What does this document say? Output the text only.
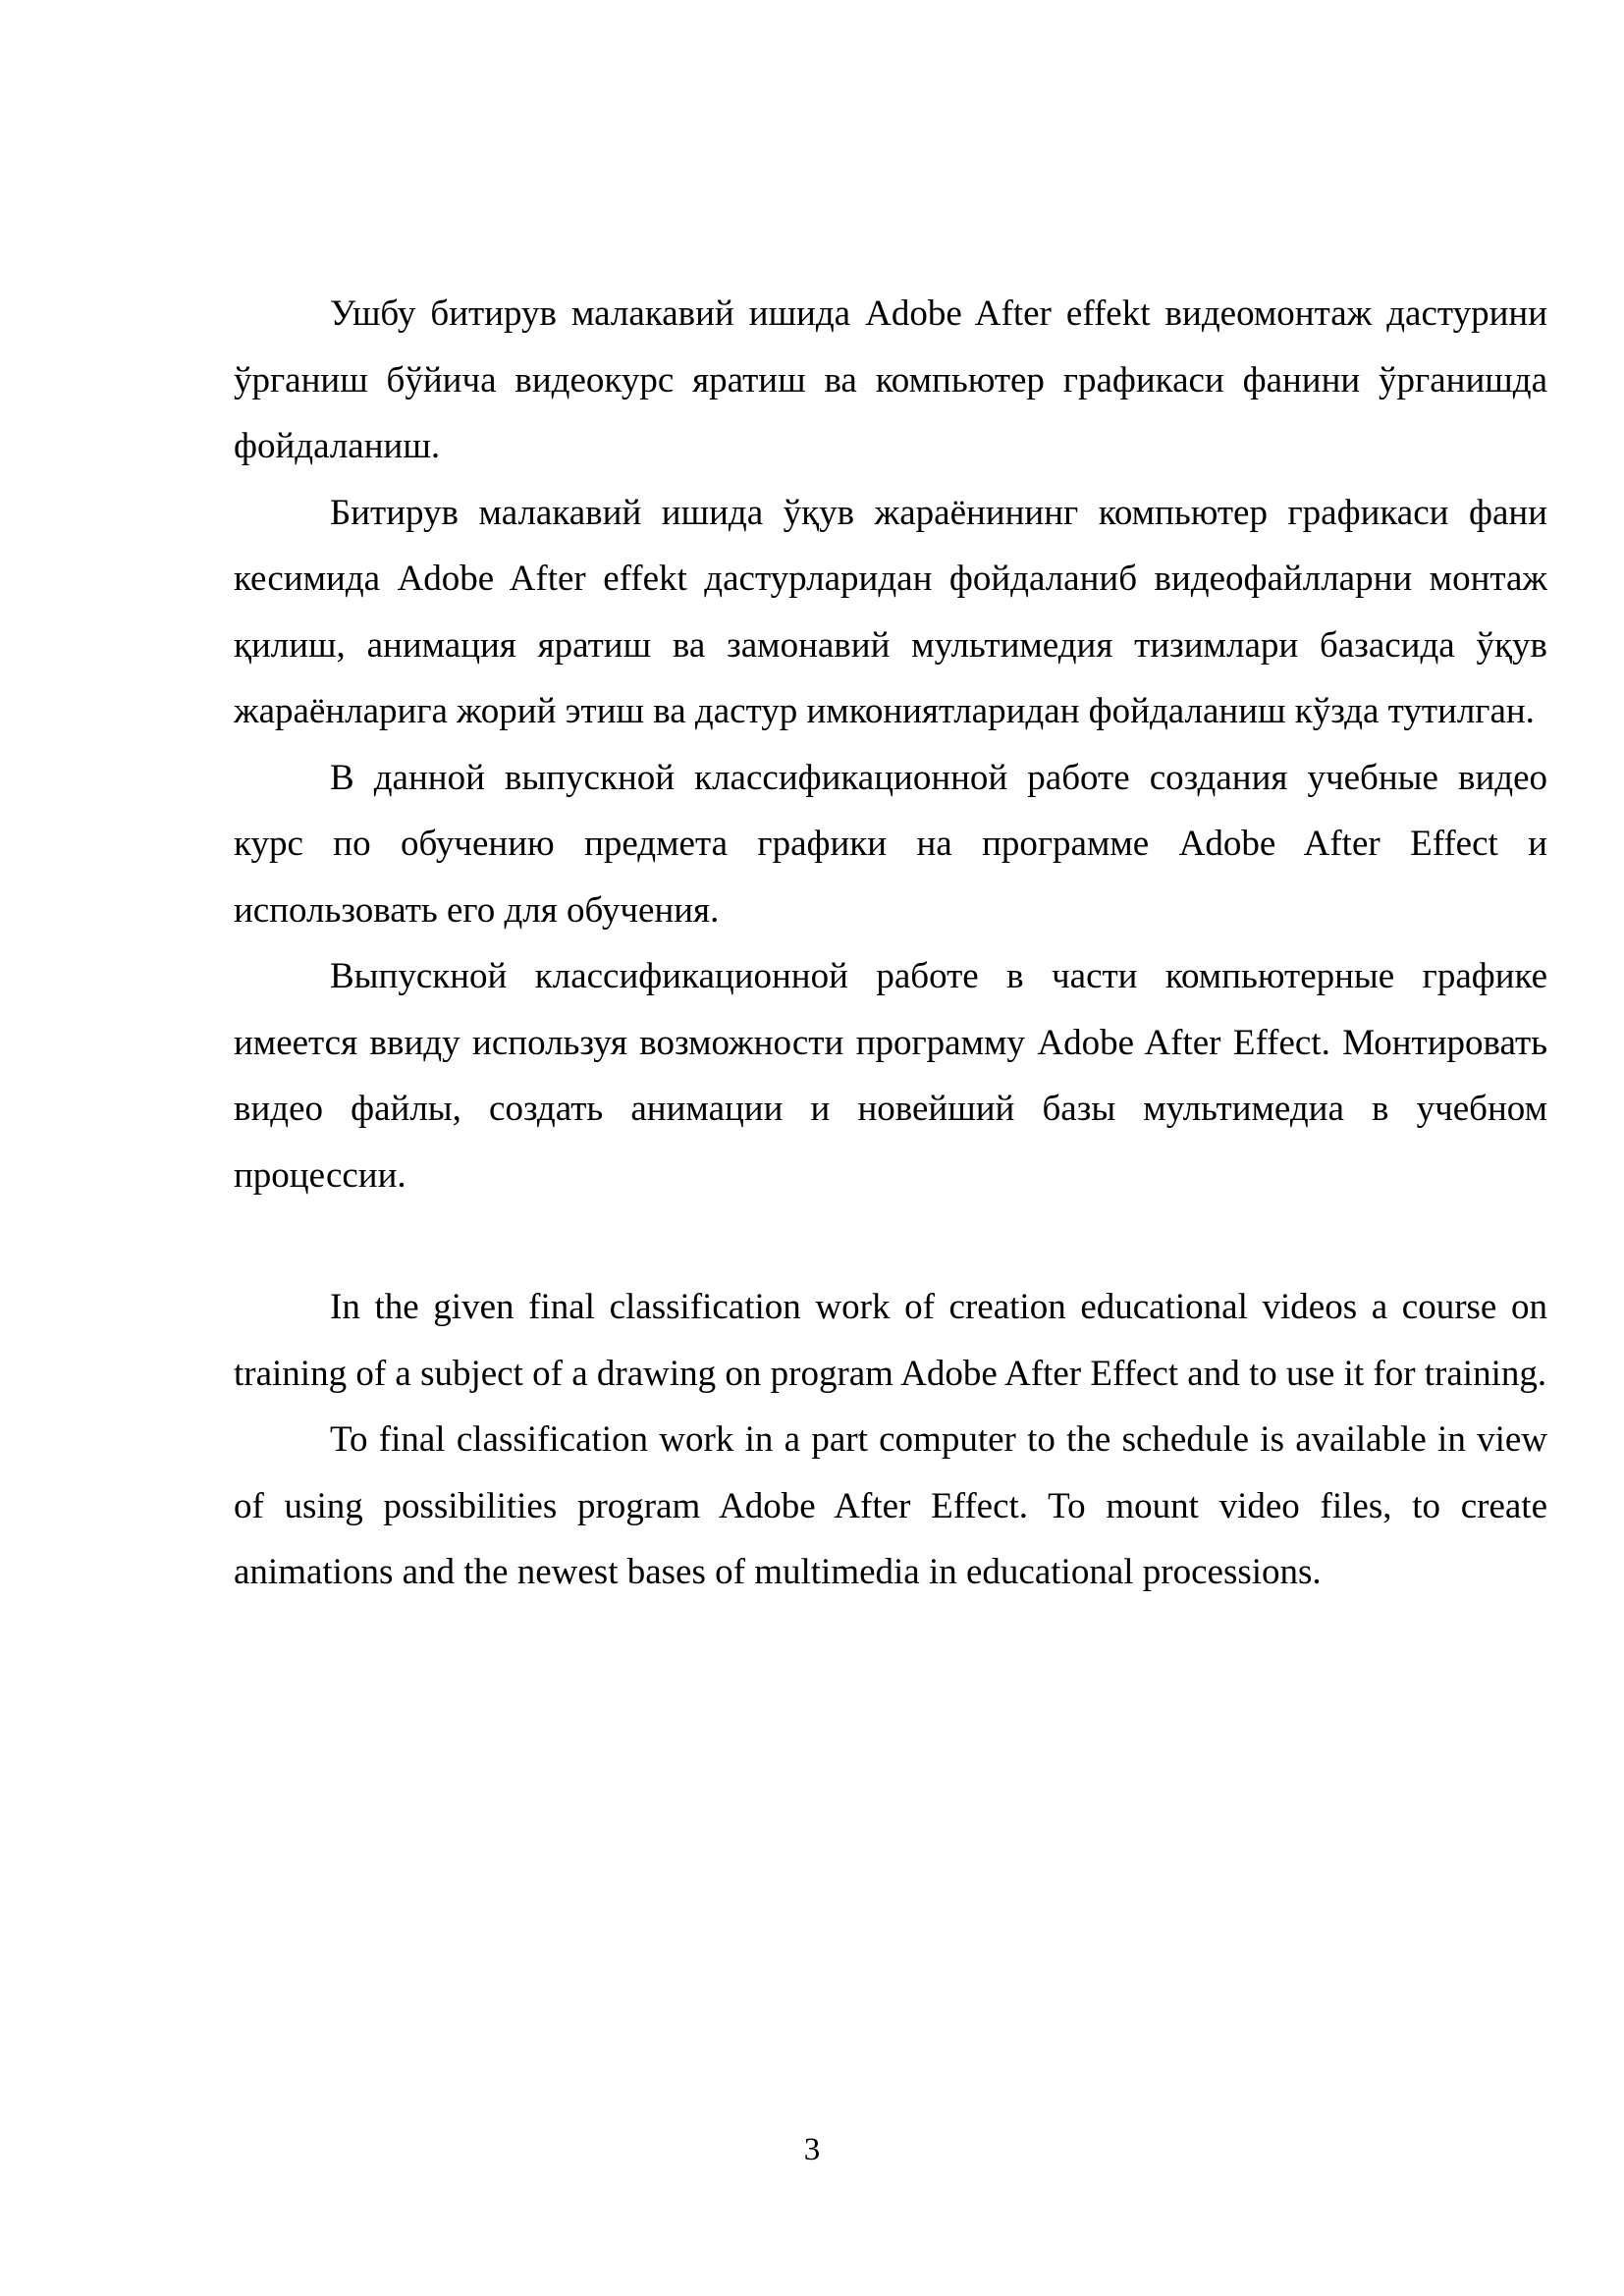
Ушбу битирув малакавий ишида Adobe After effekt видеомонтаж дастурини ўрганиш бўйича видеокурс яратиш ва компьютер графикаси фанини ўрганишда фойдаланиш.

Битирув малакавий ишида ўқув жараёнининг компьютер графикаси фани кесимида Adobe After effekt дастурларидан фойдаланиб видеофайлларни монтаж қилиш, анимация яратиш ва замонавий мультимедия тизимлари базасида ўқув жараёнларига жорий этиш ва дастур имкониятларидан фойдаланиш кўзда тутилган.

В данной выпускной классификационной работе создания учебные видео курс по обучению предмета графики на программе Adobe After Effect и использовать его для обучения.

Выпускной классификационной работе в части компьютерные графике имеется ввиду используя возможности программу Adobe After Effect. Монтировать видео файлы, создать анимации и новейший базы мультимедиа в учебном процессии.

In the given final classification work of creation educational videos a course on training of a subject of a drawing on program Adobe After Effect and to use it for training.

To final classification work in a part computer to the schedule is available in view of using possibilities program Adobe After Effect. To mount video files, to create animations and the newest bases of multimedia in educational processions.

3
